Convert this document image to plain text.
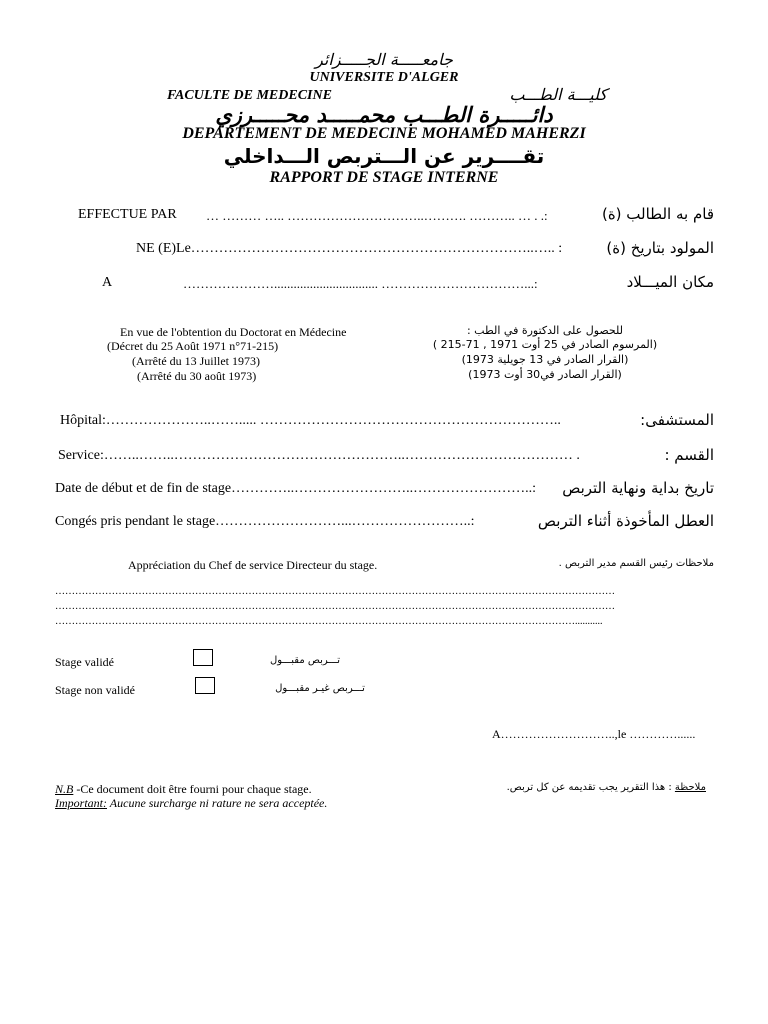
جامعـــــة الجـــــزائر
UNIVERSITE D'ALGER
FACULTE DE MEDECINE	كليـــة الطـــب
دائـــــرة الطـــب محمـــــد محـــــرزي
DEPARTEMENT DE MEDECINE MOHAMED MAHERZI
تقــــرير عن الـــتربص الـــداخلي
RAPPORT DE STAGE INTERNE
EFFECTUE PAR … ……… ….. …………………………..………. ……….. … . .:	قام به الطالب (ة)
NE (E)Le………………………………………………………………..….. :	المولود بتاريخ (ة)
A	…………………................................ ……………………………...:	مكان الميـــلاد
En vue de l'obtention du Doctorat en Médecine
(Décret du 25 Août 1971 n°71-215)
(Arrêté du 13 Juillet 1973)
(Arrêté du 30 août 1973)
للحصول على الدكتورة في الطب :
(المرسوم الصادر في 25 أوت 1971 , 71-215 )
(القرار الصادر في 13 جويلية 1973)
(القرار الصادر في30 أوت 1973)
Hôpital:…………………..……..... ………………………………………………………..	المستشفى:
Service:……..……..…………………………………………..……………………………… .	القسم :
Date de début et de fin de stage…………..……………………..……………………..:	تاريخ بداية ونهاية التربص
Congés pris pendant le stage………………………...……………………..:	العطل المأخوذة أثناء التربص
Appréciation du Chef de service Directeur du stage.	ملاحظات رئيس القسم مدير التربص .
……………………………………………………………………………………………………………………………………………………
……………………………………………………………………………………………………………………………………………………
…………………………………………………………………………………………………………………………………………...........
Stage validé	تـــربص مقبـــول
Stage non validé	تـــربص غيـر مقبـــول
A………………………..,le …………......
N.B -Ce document doit être fourni pour chaque stage.
Important: Aucune surcharge ni rature ne sera acceptée.
ملاحظة : هذا التقرير يجب تقديمه عن كل تربص.
